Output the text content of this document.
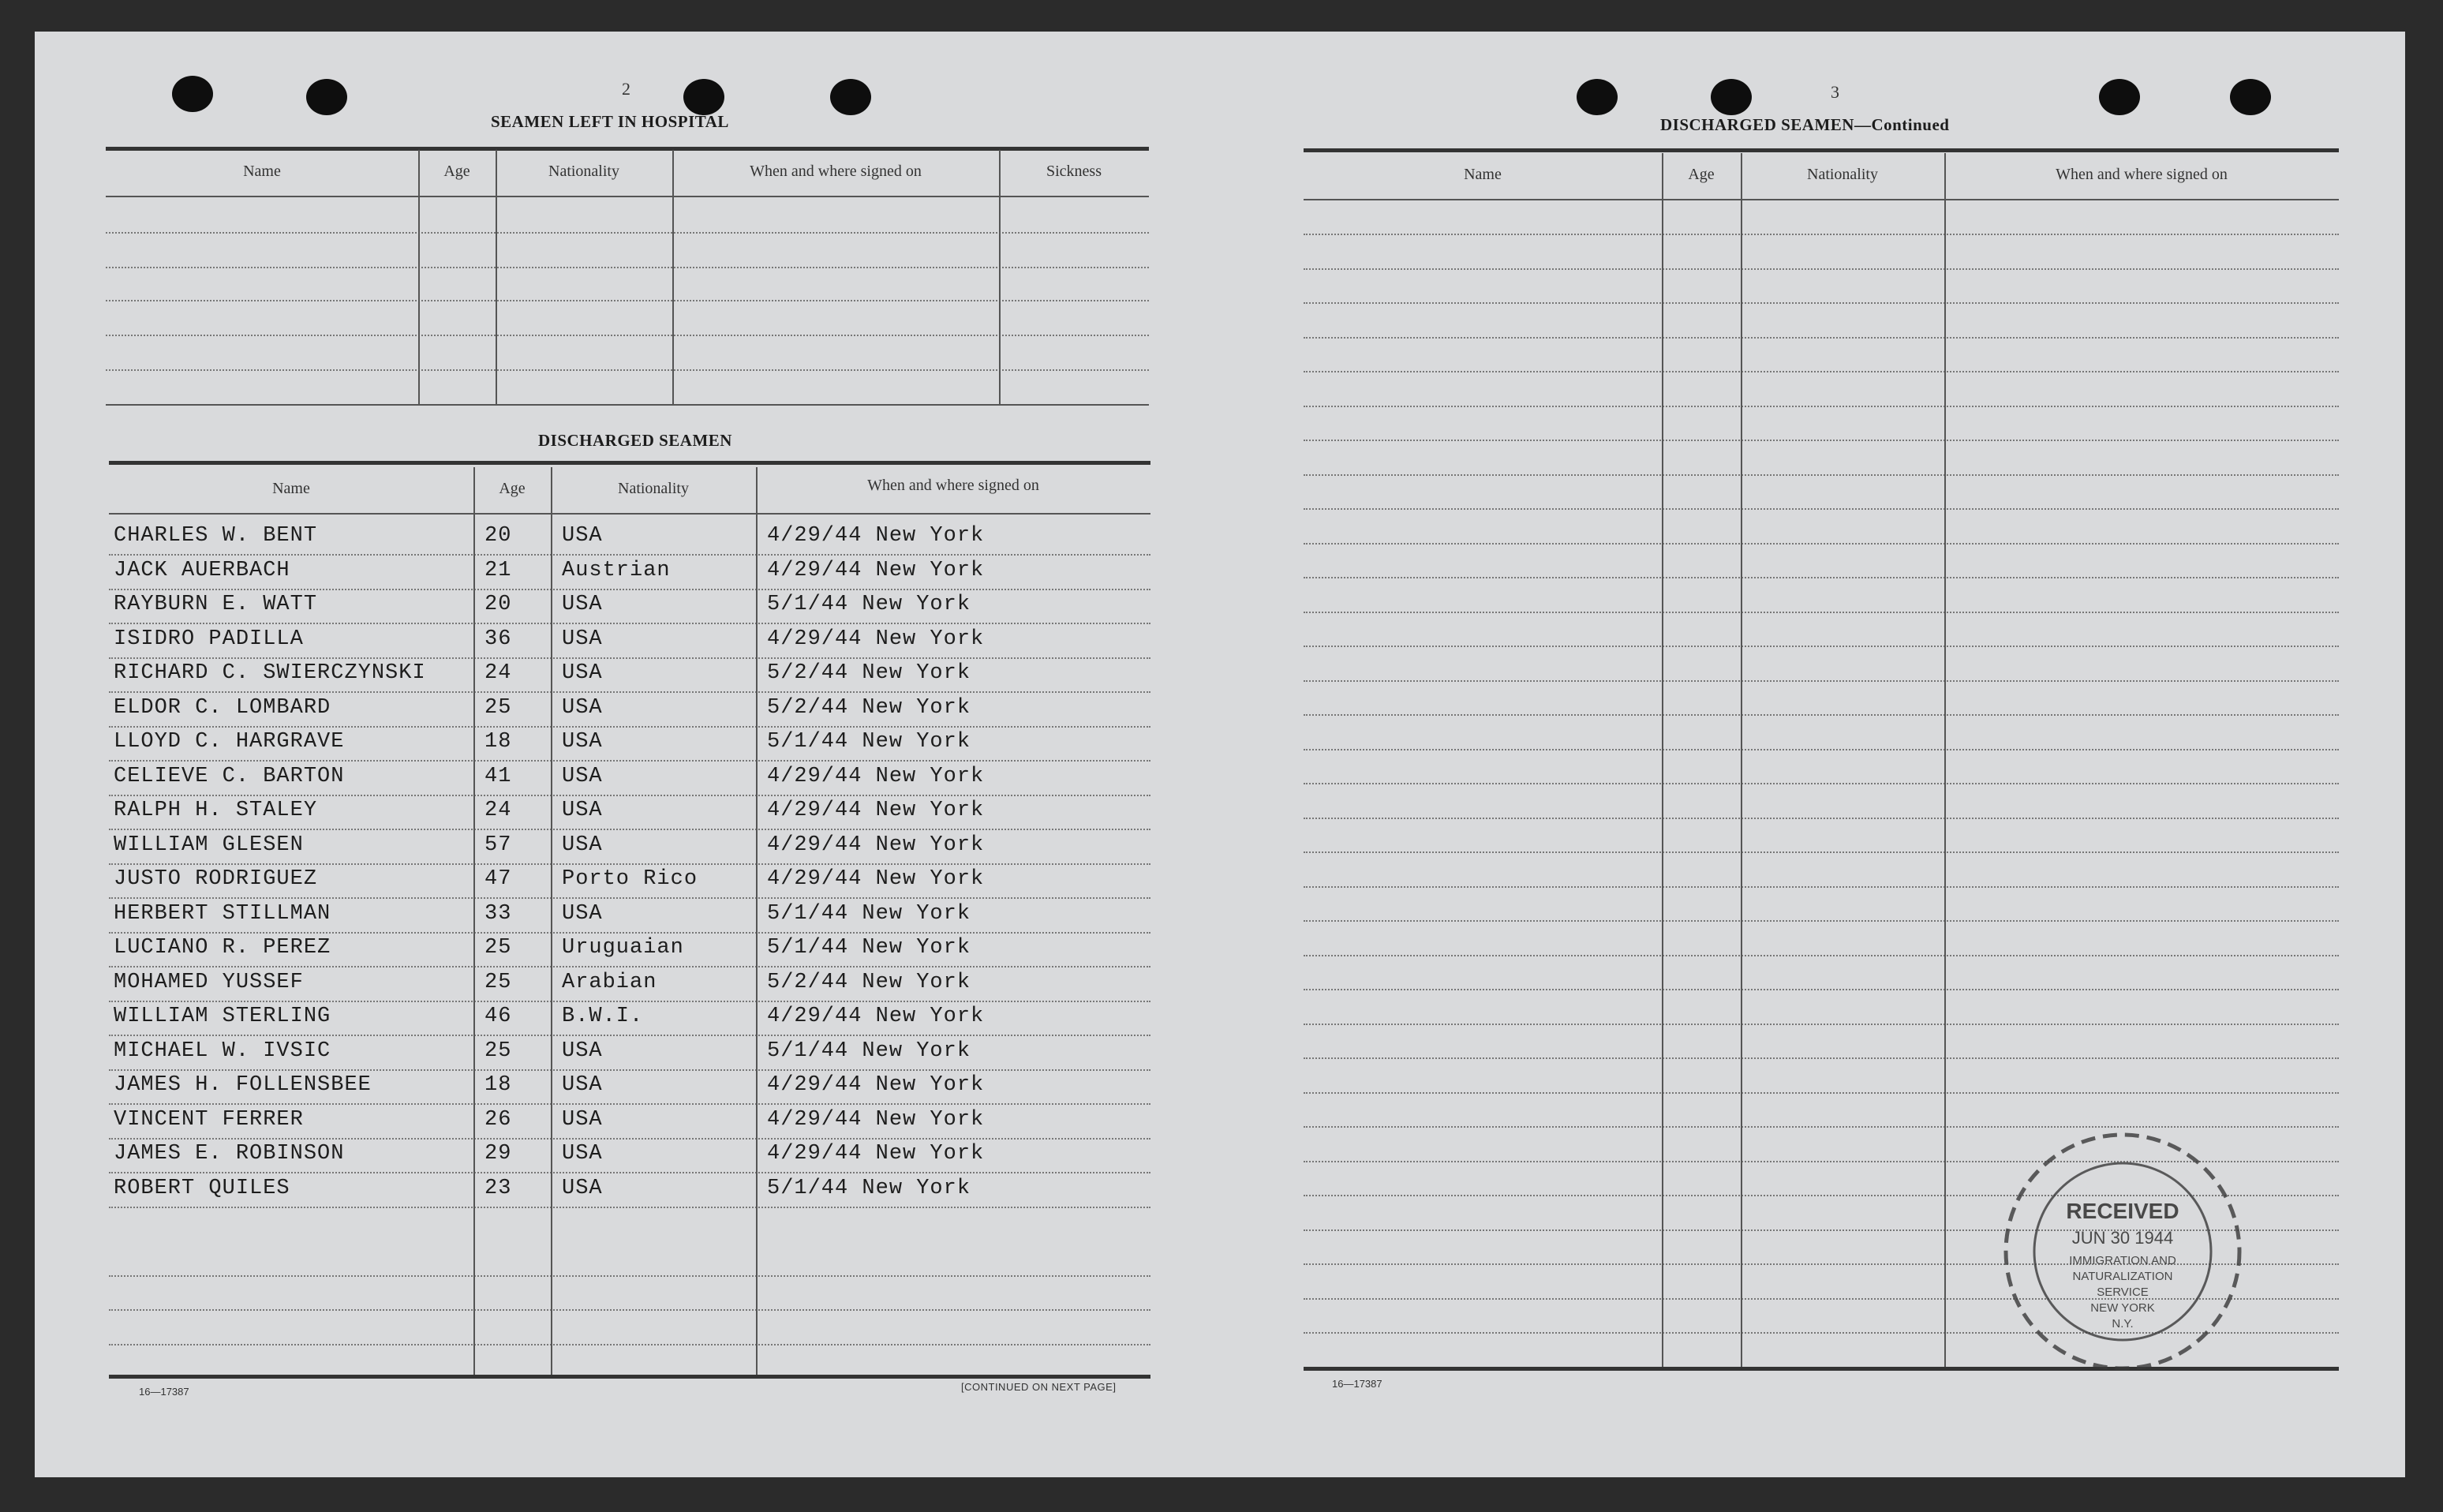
2
SEAMEN LEFT IN HOSPITAL
Name	Age	Nationality	When and where signed on	Sickness
DISCHARGED SEAMEN
Name	Age	Nationality	When and where signed on
CHARLES W. BENT	20 USA	4/29/44 New York
JACK AUERBACH	21 Austrian	4/29/44 New York
RAYBURN E. WATT	20 USA	5/1/44 New York
ISIDRO PADILLA	36 USA	4/29/44 New York
RICHARD C. SWIERCZYNSKI	24 USA	5/2/44 New York
ELDOR C. LOMBARD	25 USA	5/2/44 New York
LLOYD C. HARGRAVE	18 USA	5/1/44 New York
CELIEVE C. BARTON	41 USA	4/29/44 New York
RALPH H. STALEY	24 USA	4/29/44 New York
WILLIAM GLESEN	57 USA	4/29/44 New York
JUSTO RODRIGUEZ	47 Porto Rico	4/29/44 New York
HERBERT STILLMAN	33 USA	5/1/44 New York
LUCIANO R. PEREZ	25 Uruguaian	5/1/44 New York
MOHAMED YUSSEF	25 Arabian	5/2/44 New York
WILLIAM STERLING	46 B.W.I.	4/29/44 New York
MICHAEL W. IVSIC	25 USA	5/1/44 New York
JAMES H. FOLLENSBEE	18 USA	4/29/44 New York
VINCENT FERRER	26 USA	4/29/44 New York
JAMES E. ROBINSON	29 USA	4/29/44 New York
ROBERT QUILES	23 USA	5/1/44 New York
16—17387	[CONTINUED ON NEXT PAGE]
3
DISCHARGED SEAMEN—Continued
Name	Age	Nationality	When and where signed on
16—17387
RECEIVED
JUN 30 1944
IMMIGRATION AND
NATURALIZATION
SERVICE
NEW YORK
N.Y.
